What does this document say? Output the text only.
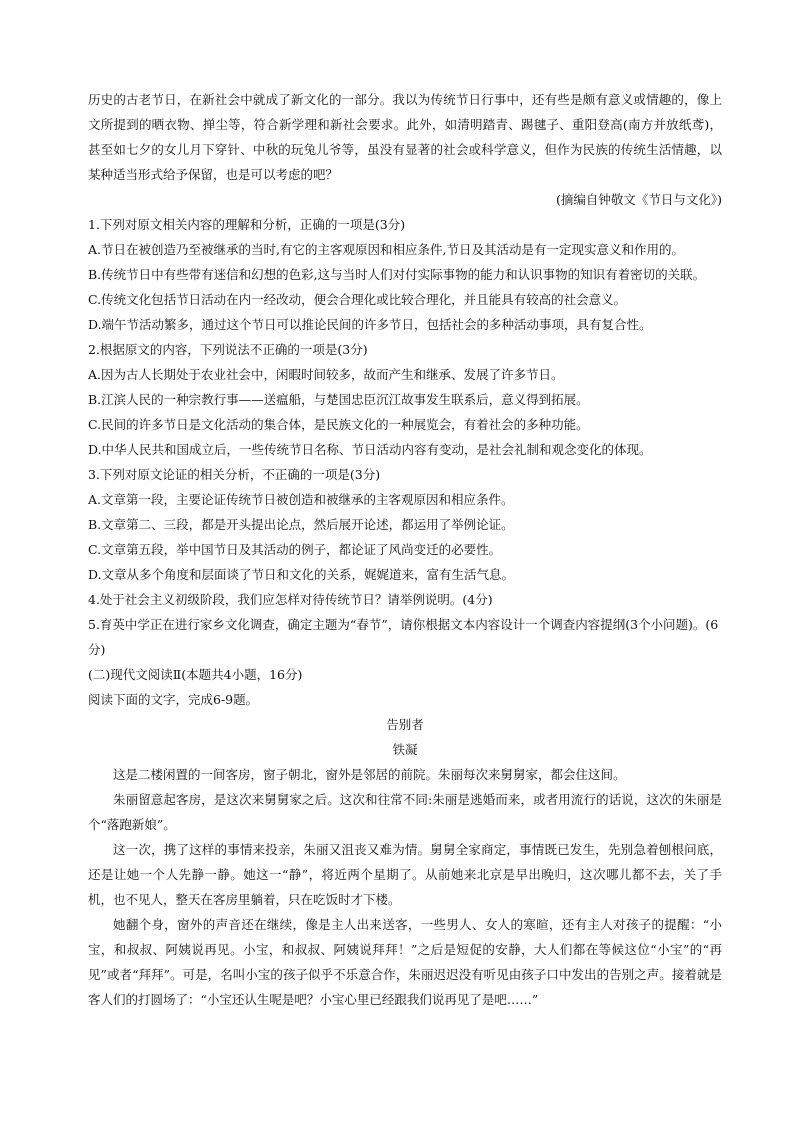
历史的古老节日，在新社会中就成了新文化的一部分。我以为传统节日行事中，还有些是颇有意义或情趣的，像上文所提到的晒衣物、掸尘等，符合新学理和新社会要求。此外，如清明踏青、踢毽子、重阳登高(南方并放纸鸢)，甚至如七夕的女儿月下穿针、中秋的玩兔儿爷等，虽没有显著的社会或科学意义，但作为民族的传统生活情趣，以某种适当形式给予保留，也是可以考虑的吧？

(摘编自钟敬文《节日与文化》)

1.下列对原文相关内容的理解和分析，正确的一项是(3分)

A.节日在被创造乃至被继承的当时,有它的主客观原因和相应条件,节日及其活动是有一定现实意义和作用的。

B.传统节日中有些带有迷信和幻想的色彩,这与当时人们对付实际事物的能力和认识事物的知识有着密切的关联。

C.传统文化包括节日活动在内一经改动，便会合理化或比较合理化，并且能具有较高的社会意义。

D.端午节活动繁多，通过这个节日可以推论民间的许多节日，包括社会的多种活动事项，具有复合性。

2.根据原文的内容，下列说法不正确的一项是(3分)

A.因为古人长期处于农业社会中，闲暇时间较多，故而产生和继承、发展了许多节日。

B.江滨人民的一种宗教行事——送瘟船，与楚国忠臣沉江故事发生联系后，意义得到拓展。

C.民间的许多节日是文化活动的集合体，是民族文化的一种展览会，有着社会的多种功能。

D.中华人民共和国成立后，一些传统节日名称、节日活动内容有变动，是社会礼制和观念变化的体现。

3.下列对原文论证的相关分析，不正确的一项是(3分)

A.文章第一段，主要论证传统节日被创造和被继承的主客观原因和相应条件。

B.文章第二、三段，都是开头提出论点，然后展开论述，都运用了举例论证。

C.文章第五段，举中国节日及其活动的例子，都论证了风尚变迁的必要性。

D.文章从多个角度和层面谈了节日和文化的关系，娓娓道来，富有生活气息。

4.处于社会主义初级阶段，我们应怎样对待传统节日？请举例说明。(4分)

5.育英中学正在进行家乡文化调查，确定主题为“春节”，请你根据文本内容设计一个调查内容提纲(3个小问题)。(6分)

(二)现代文阅读Ⅱ(本题共4小题，16分)

阅读下面的文字，完成6-9题。

告别者

铁凝

这是二楼闲置的一间客房，窗子朝北，窗外是邻居的前院。朱丽每次来舅舅家，都会住这间。

朱丽留意起客房，是这次来舅舅家之后。这次和往常不同:朱丽是逃婚而来，或者用流行的话说，这次的朱丽是个“落跑新娘”。

这一次，携了这样的事情来投亲，朱丽又沮丧又难为情。舅舅全家商定，事情既已发生，先别急着刨根问底，还是让她一个人先静一静。她这一“静”，将近两个星期了。从前她来北京是早出晚归，这次哪儿都不去，关了手机，也不见人，整天在客房里躺着，只在吃饭时才下楼。

她翻个身，窗外的声音还在继续，像是主人出来送客，一些男人、女人的寒暄，还有主人对孩子的提醒：“小宝，和叔叔、阿姨说再见。小宝，和叔叔、阿姨说拜拜！”之后是短促的安静，大人们都在等候这位“小宝”的“再见”或者“拜拜”。可是，名叫小宝的孩子似乎不乐意合作，朱丽迟迟没有听见由孩子口中发出的告别之声。接着就是客人们的打圆场了：“小宝还认生呢是吧？小宝心里已经跟我们说再见了是吧……”
